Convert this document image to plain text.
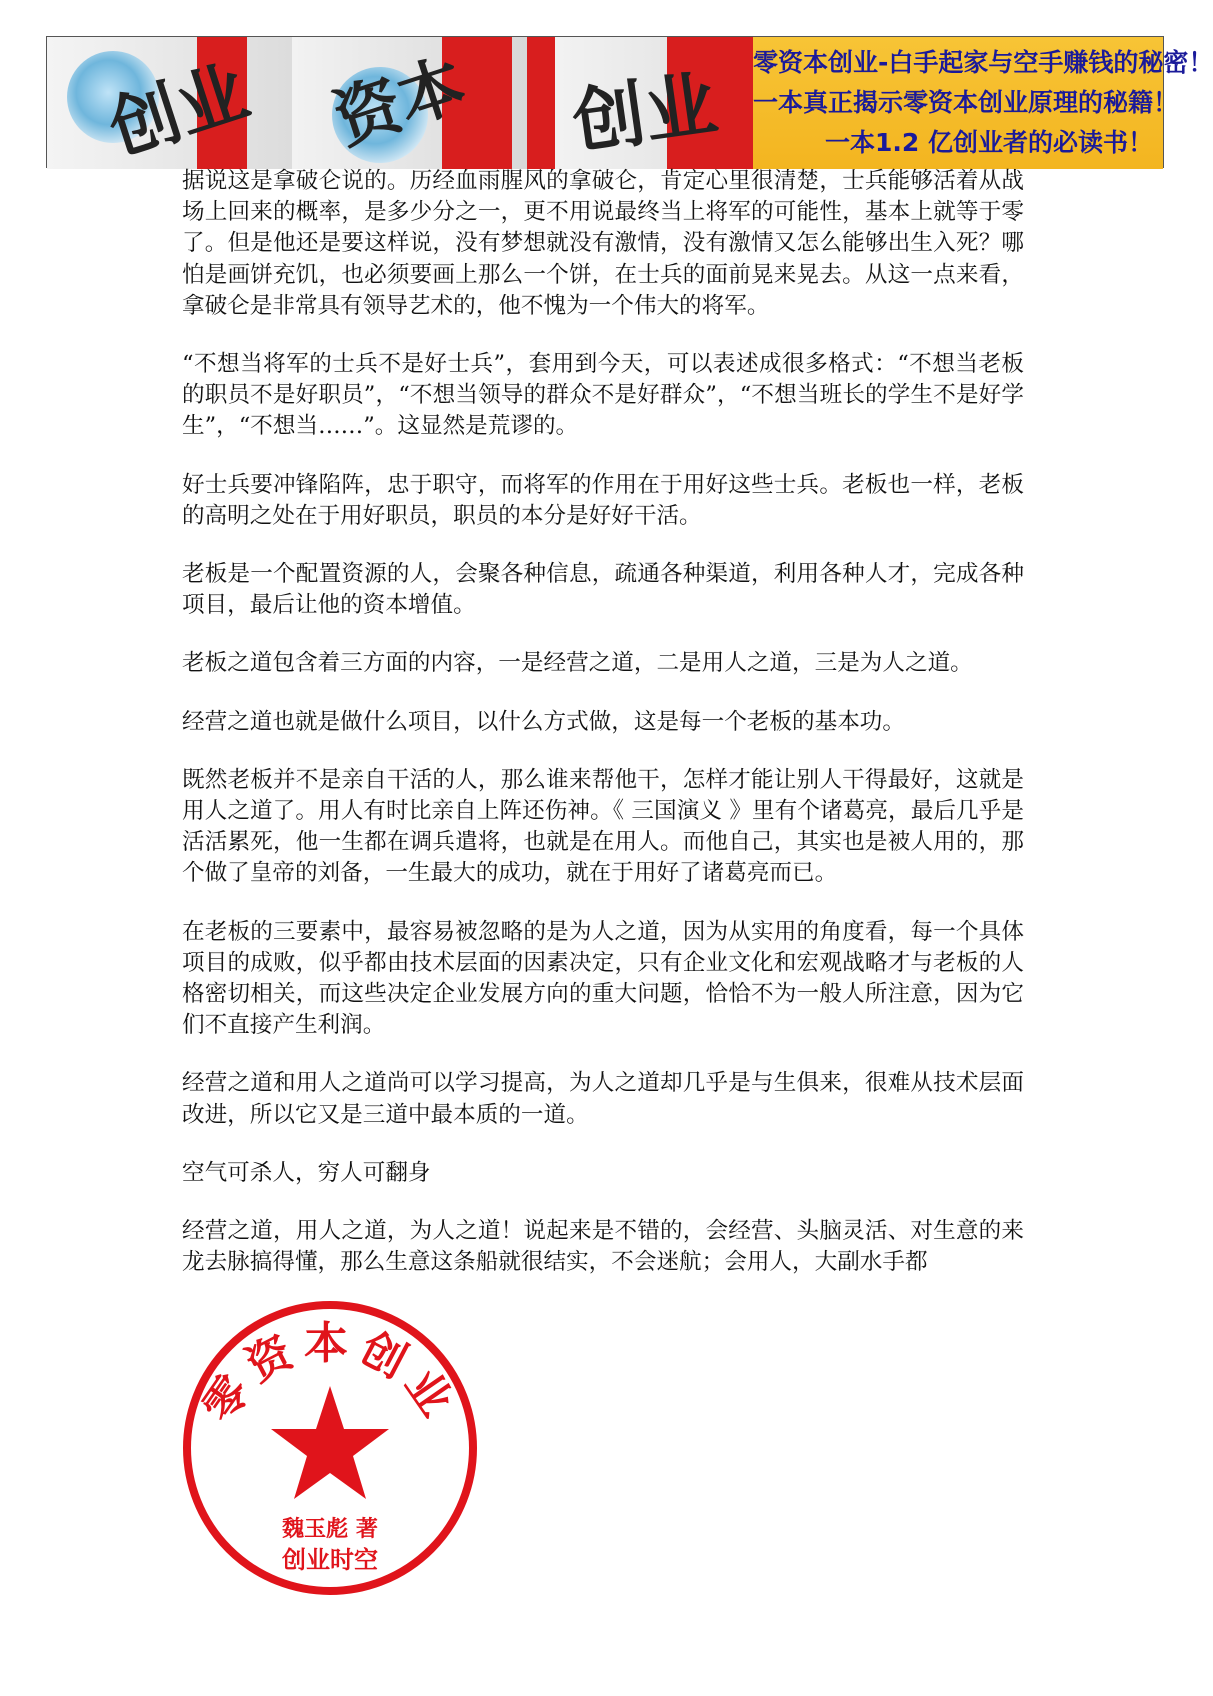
创业 资本 创业 零资本创业-白手起家与空手赚钱的秘密！
一本真正揭示零资本创业原理的秘籍！
一本1.2 亿创业者的必读书！

据说这是拿破仑说的。历经血雨腥风的拿破仑，肯定心里很清楚，士兵能够活着从战场上回来的概率，是多少分之一，更不用说最终当上将军的可能性，基本上就等于零了。但是他还是要这样说，没有梦想就没有激情，没有激情又怎么能够出生入死？哪怕是画饼充饥，也必须要画上那么一个饼，在士兵的面前晃来晃去。从这一点来看，拿破仑是非常具有领导艺术的，他不愧为一个伟大的将军。

“不想当将军的士兵不是好士兵”，套用到今天，可以表述成很多格式：“不想当老板的职员不是好职员”，“不想当领导的群众不是好群众”，“不想当班长的学生不是好学生”，“不想当……”。这显然是荒谬的。

好士兵要冲锋陷阵，忠于职守，而将军的作用在于用好这些士兵。老板也一样，老板的高明之处在于用好职员，职员的本分是好好干活。

老板是一个配置资源的人，会聚各种信息，疏通各种渠道，利用各种人才，完成各种项目，最后让他的资本增值。

老板之道包含着三方面的内容，一是经营之道，二是用人之道，三是为人之道。

经营之道也就是做什么项目，以什么方式做，这是每一个老板的基本功。

既然老板并不是亲自干活的人，那么谁来帮他干，怎样才能让别人干得最好，这就是用人之道了。用人有时比亲自上阵还伤神。《 三国演义 》里有个诸葛亮，最后几乎是活活累死，他一生都在调兵遣将，也就是在用人。而他自己，其实也是被人用的，那个做了皇帝的刘备，一生最大的成功，就在于用好了诸葛亮而已。

在老板的三要素中，最容易被忽略的是为人之道，因为从实用的角度看，每一个具体项目的成败，似乎都由技术层面的因素决定，只有企业文化和宏观战略才与老板的人格密切相关，而这些决定企业发展方向的重大问题，恰恰不为一般人所注意，因为它们不直接产生利润。

经营之道和用人之道尚可以学习提高，为人之道却几乎是与生俱来，很难从技术层面改进，所以它又是三道中最本质的一道。

空气可杀人，穷人可翻身

经营之道，用人之道，为人之道！说起来是不错的，会经营、头脑灵活、对生意的来龙去脉搞得懂，那么生意这条船就很结实，不会迷航；会用人，大副水手都

零资本创业
魏玉彪 著
创业时空
